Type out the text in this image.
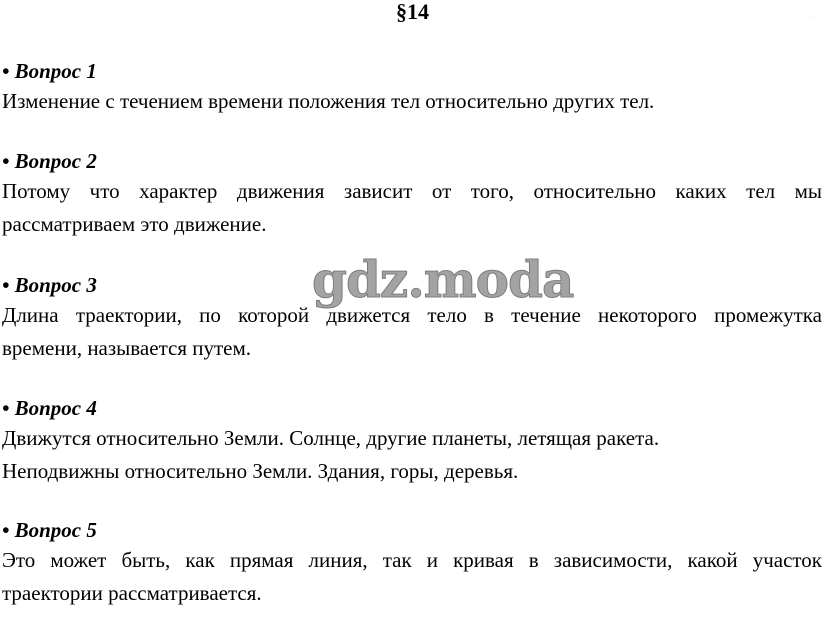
§14	· ·
• Вопрос 1
Изменение с течением времени положения тел относительно других тел.
• Вопрос 2
Потому что характер движения зависит от того, относительно каких тел мы
рассматриваем это движение.
• Вопрос 3
Длина траектории, по которой движется тело в течение некоторого промежутка
времени, называется путем.
• Вопрос 4
Движутся относительно Земли. Солнце, другие планеты, летящая ракета.
Неподвижны относительно Земли. Здания, горы, деревья.
• Вопрос 5
Это может быть, как прямая линия, так и кривая в зависимости, какой участок
траектории рассматривается.
gdz.moda
